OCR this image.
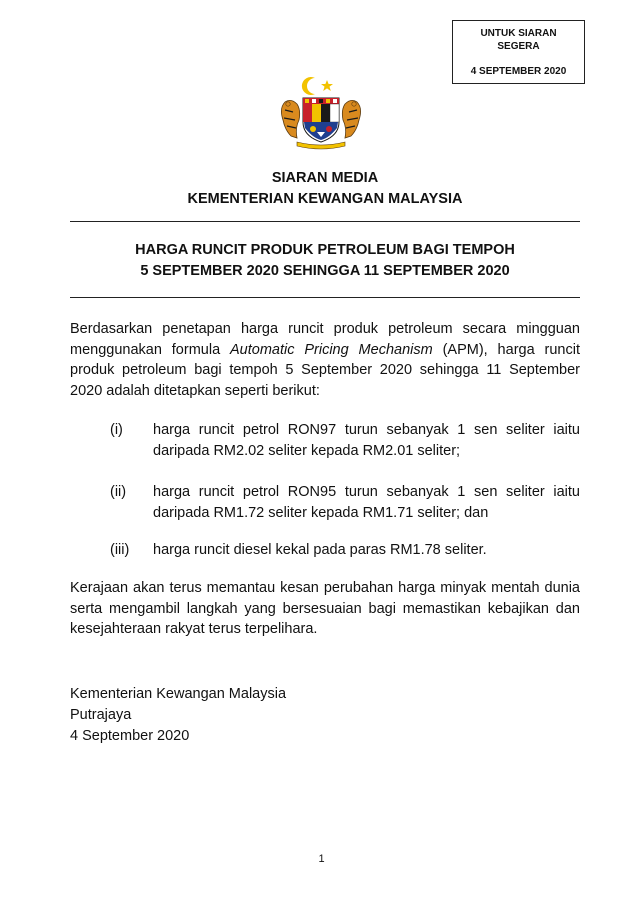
UNTUK SIARAN
SEGERA
4 SEPTEMBER 2020
SIARAN MEDIA
KEMENTERIAN KEWANGAN MALAYSIA
HARGA RUNCIT PRODUK PETROLEUM BAGI TEMPOH
5 SEPTEMBER 2020 SEHINGGA 11 SEPTEMBER 2020
Berdasarkan penetapan harga runcit produk petroleum secara mingguan menggunakan formula Automatic Pricing Mechanism (APM), harga runcit produk petroleum bagi tempoh 5 September 2020 sehingga 11 September 2020 adalah ditetapkan seperti berikut:
(i)	harga runcit petrol RON97 turun sebanyak 1 sen seliter iaitu daripada RM2.02 seliter kepada RM2.01 seliter;
(ii)	harga runcit petrol RON95 turun sebanyak 1 sen seliter iaitu daripada RM1.72 seliter kepada RM1.71 seliter; dan
(iii)	harga runcit diesel kekal pada paras RM1.78 seliter.
Kerajaan akan terus memantau kesan perubahan harga minyak mentah dunia serta mengambil langkah yang bersesuaian bagi memastikan kebajikan dan kesejahteraan rakyat terus terpelihara.
Kementerian Kewangan Malaysia
Putrajaya
4 September 2020
1
